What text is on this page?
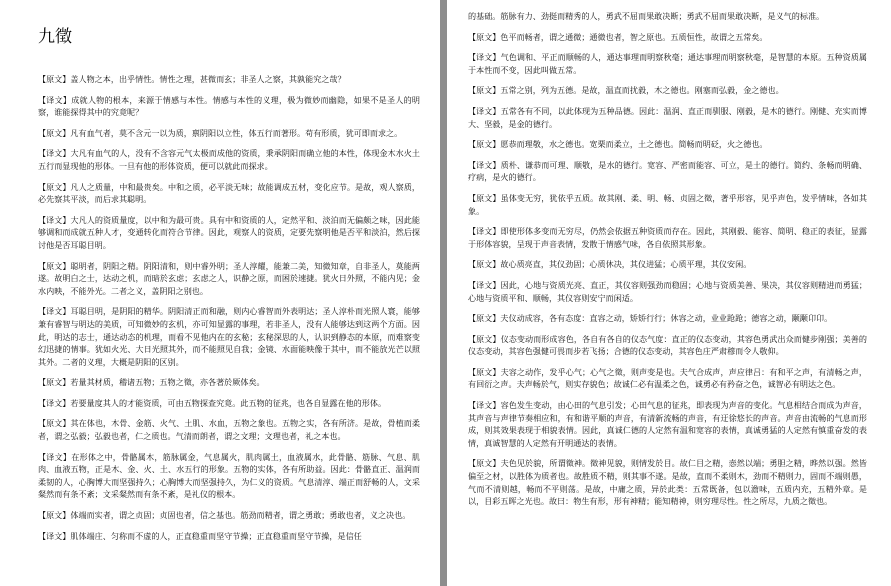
九徵

【原文】盖人物之本，出乎情性。情性之理，甚微而玄；非圣人之察，其孰能究之哉？

【译文】成就人物的根本，来源于情感与本性。情感与本性的义理，极为微妙而幽隐，如果不是圣人的明察，谁能探得其中的究竟呢？

【原文】凡有血气者，莫不含元一以为质，禀阴阳以立性，体五行而著形。苟有形质，犹可即而求之。

【译文】大凡有血气的人，没有不含容元气太极而成他的资质，秉承阴阳而确立他的本性，体现金木水火土五行而显现他的形体。一旦有他的形体资质，便可以就此而探求。

【原文】凡人之质量，中和最贵矣。中和之质，必平淡无味；故能调成五材，变化应节。是故，观人察质，必先察其平淡，而后求其聪明。

【译文】大凡人的资质量度，以中和为最可贵。具有中和资质的人，定然平和、淡泊而无偏颇之味，因此能够调和而成就五种人才，变通转化而符合节律。因此，观察人的资质，定要先察明他是否平和淡泊，然后探讨他是否耳聪目明。

【原文】聪明者，阴阳之精。阴阳清和，则中睿外明；圣人淳耀，能兼二美，知微知章，自非圣人，莫能两遂。故明白之士，达动之机，而暗於玄虑；玄虑之人，识静之原，而困於速捷。犹火日外照，不能内见；金水内映，不能外光。二者之义，盖阴阳之别也。

【译文】耳聪目明，是阴阳的精华。阴阳清正而和融，则内心睿智而外表明达；圣人淳朴而光照人寰，能够兼有睿智与明达的美质，可知微妙的玄机，亦可知显露的事理，若非圣人，没有人能够达到这两个方面。因此，明达的志士，通达动态的机理，而看不见他内在的玄秘；玄秘深思的人，认识到静态的本原，而难察变幻迅捷的情事。犹如火光、大日光照其外，而不能照见自我；金镜、水面能映像于其中，而不能放光芒以照其外。二者的义理，大概是阴阳的区别。

【原文】若量其材质，稽诸五物；五物之徵，亦各著於厥体矣。

【译文】若要量度其人的才能资质，可由五物探查究竟。此五物的征兆，也各自显露在他的形体。

【原文】其在体也，木骨、金筋、火气、土肌、水血，五物之象也。五物之实，各有所济。是故，骨植而柔者，谓之弘毅；弘毅也者，仁之质也。气清而朗者，谓之文理；文理也者，礼之本也。

【译文】在形体之中，骨骼属木，筋脉属金，气息属火，肌肉属土，血液属水，此骨骼、筋脉、气息、肌肉、血液五物，正是木、金、火、土、水五行的形象。五物的实体，各有所助益。因此：骨骼直正、温润而柔韧的人，心胸博大而坚强持久；心胸博大而坚强持久，为仁义的资质。气息清淳、端正而舒畅的人，文采粲然而有条不紊；文采粲然而有条不紊，是礼仪的根本。

【原文】体端而实者，谓之贞固；贞固也者，信之基也。筋劲而精者，谓之勇敢；勇敢也者，义之决也。

【译文】肌体端庄、匀称而不虚的人，正直稳重而坚守节操；正直稳重而坚守节操，是信任

的基础。筋脉有力、劲挺而精秀的人，勇武不屈而果敢决断；勇武不屈而果敢决断，是义气的标准。

【原文】色平而畅者，谓之通微；通微也者，智之原也。五质恒性，故谓之五常矣。

【译文】气色调和、平正而顺畅的人，通达事理而明察秋毫；通达事理而明察秋毫，是智慧的本原。五种资质属于本性而不变，因此叫做五常。

【原文】五常之别，列为五德。是故，温直而扰毅，木之德也。刚塞而弘毅，金之德也。

【译文】五常各有不同，以此体现为五种品德。因此：温润、直正而驯服、刚毅，是木的德行。刚健、充实而博大、坚毅，是金的德行。

【原文】愿恭而理敬，水之德也。宽栗而柔立，土之德也。简畅而明砭，火之德也。

【译文】质朴、谦恭而可理、顺敬，是水的德行。宽容、严密而能容、可立，是土的德行。简约、条畅而明确、疗病，是火的德行。

【原文】虽体变无穷，犹依乎五质。故其刚、柔、明、畅、贞固之徵，著乎形容，见乎声色，发乎情味，各如其象。

【译文】即使形体多变而无穷尽，仍然会依据五种资质而存在。因此，其刚毅、能容、简明、稳正的表征，显露于形体容貌，呈现于声音表情，发散于情感气味，各自依照其形象。

【原文】故心质亮直，其仪劲固；心质休决，其仪进猛；心质平理，其仪安闲。

【译文】因此，心地与资质光亮、直正，其仪容则强劲而稳固；心地与资质美善、果决，其仪容则精进而勇猛；心地与资质平和、顺畅，其仪容则安宁而闲适。

【原文】夫仪动成容，各有态度：直容之动，矫矫行行；休容之动，业业跄跄；德容之动，颙颙卬卬。

【原文】仪态变动而形成容色，各自有各自的仪态气度：直正的仪态变动，其容色勇武出众而健步刚强；美善的仪态变动，其容色强健可畏而步若飞扬；合德的仪态变动，其容色庄严肃穆而令人敬仰。

【原文】夫容之动作，发乎心气；心气之徵，则声变是也。夫气合成声，声应律吕：有和平之声，有清畅之声，有回衍之声。夫声畅於气，则实存貌色；故诚仁必有温柔之色，诚勇必有矜奋之色，诚智必有明达之色。

【译文】容色发生变动，由心田的气息引发；心田气息的征兆，即表现为声音的变化。气息相结合而成为声音，其声音与声律节奏相应和，有和谐平顺的声音，有清新流畅的声音，有迂徐悠长的声音。声音由流畅的气息而形成，则其效果表现于相貌表情。因此，真诚仁德的人定然有温和宽容的表情，真诚勇猛的人定然有慎重奋发的表情，真诚智慧的人定然有开明通达的表情。

【原文】夫色见於貌，所谓徵神。徵神见貌，则情发於目。故仁目之精，悫然以端；勇胆之精，晔然以强。然皆偏至之材，以胜体为质者也。故胜质不精，则其事不遂。是故，直而不柔则木，劲而不精则力，固而不端则愚，气而不清则越，畅而不平则荡。是故，中庸之质，异於此类：五常既备，包以澹味，五质内充，五精外章。是以，目彩五晖之光也。故曰：物生有形，形有神精；能知精神，则穷理尽性。性之所尽，九质之徵也。
